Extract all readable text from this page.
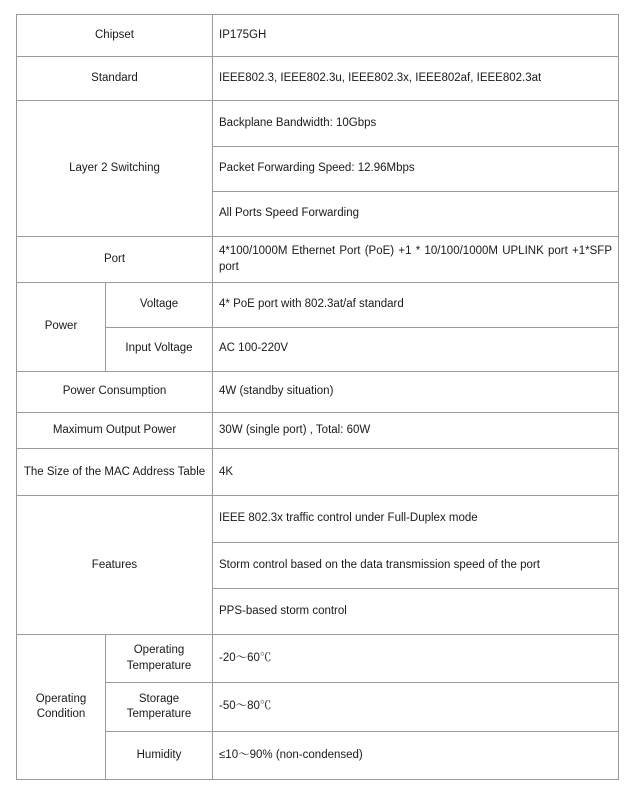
Chipset		IP175GH
Standard		IEEE802.3, IEEE802.3u, IEEE802.3x, IEEE802af, IEEE802.3at
Layer 2 Switching		Backplane Bandwidth: 10Gbps
		Packet Forwarding Speed: 12.96Mbps
		All Ports Speed Forwarding
Port		4*100/1000M Ethernet Port (PoE) +1 * 10/100/1000M UPLINK port +1*SFP port
Power	Voltage	4* PoE port with 802.3at/af standard
	Input Voltage	AC 100-220V
Power Consumption		4W (standby situation)
Maximum Output Power		30W (single port) , Total: 60W
The Size of the MAC Address Table		4K
Features		IEEE 802.3x traffic control under Full-Duplex mode
		Storm control based on the data transmission speed of the port
		PPS-based storm control
Operating Condition	Operating Temperature	-20～60℃
	Storage Temperature	-50～80℃
	Humidity	≤10～90% (non-condensed)
